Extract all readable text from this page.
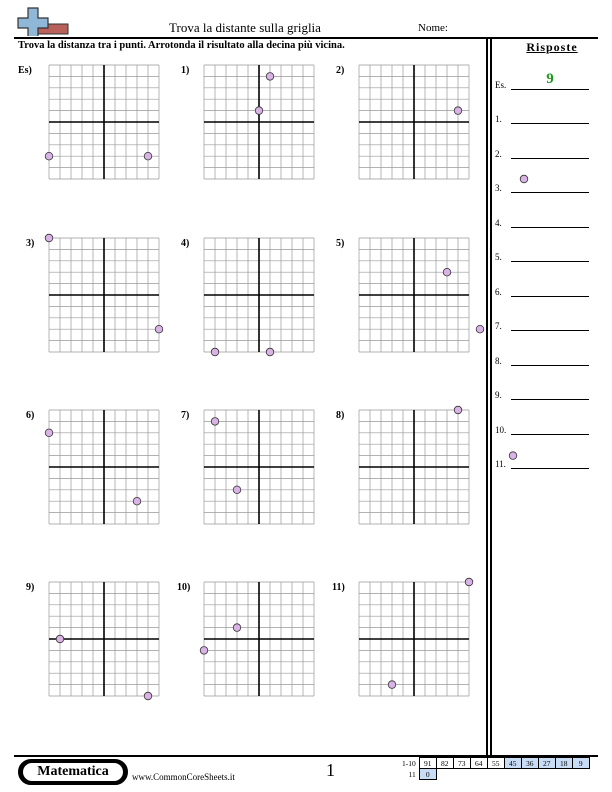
Trova la distante sulla griglia	Nome:
Trova la distanza tra i punti. Arrotonda il risultato alla decina più vicina.	Risposte
Es.	9
1.
2.
3.
4.
5.
6.
7.
8.
9.
10.
11.
Es)	1)	2)
3)	4)	5)
6)	7)	8)
9)	10)	11)
Matematica	www.CommonCoreSheets.it	1	1-10	91	82	73	64	55	45	36	27	18	9
11	0									
